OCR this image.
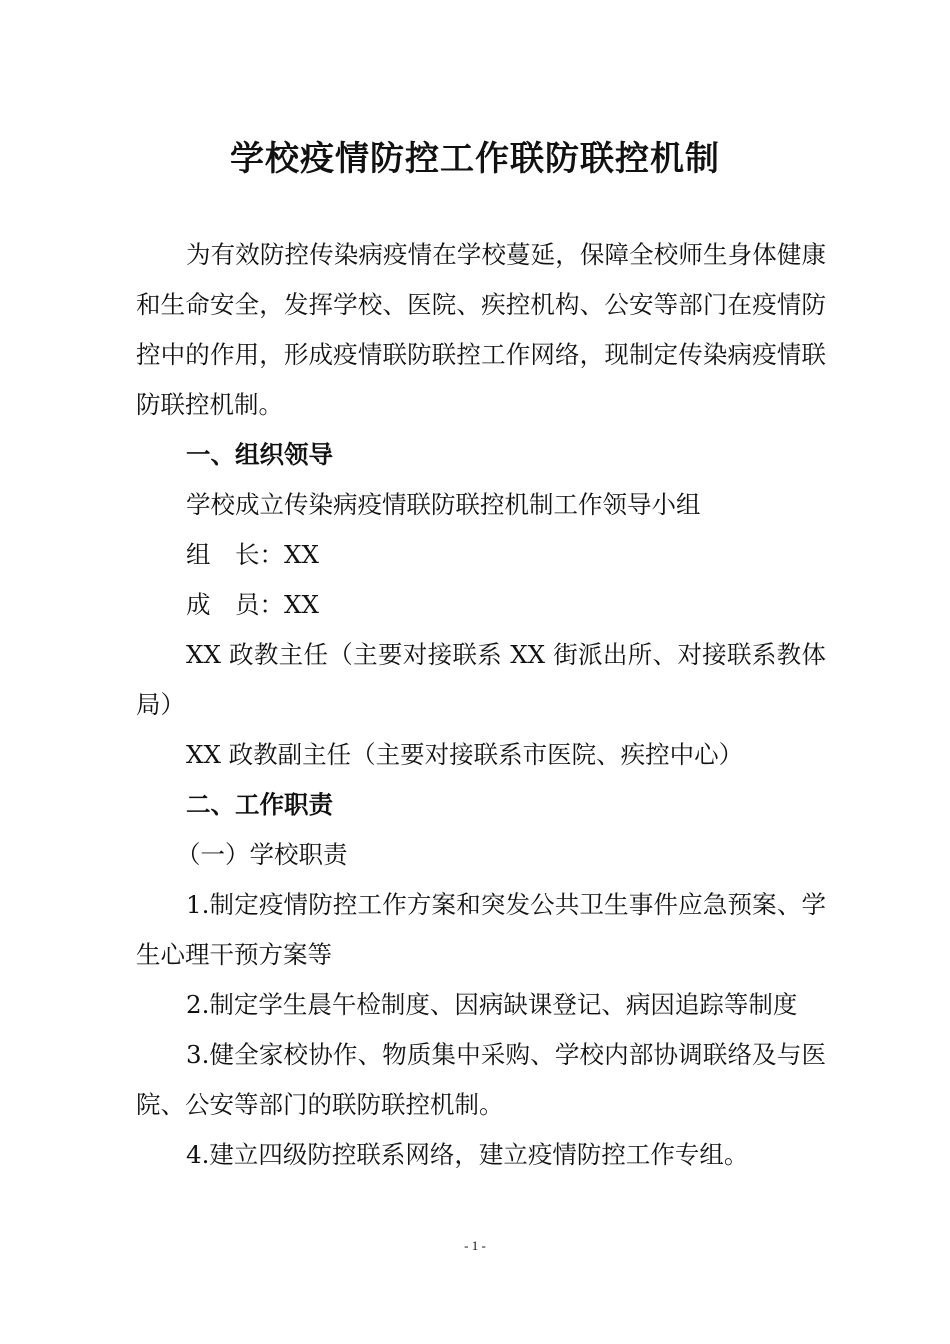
学校疫情防控工作联防联控机制

为有效防控传染病疫情在学校蔓延，保障全校师生身体健康和生命安全，发挥学校、医院、疾控机构、公安等部门在疫情防控中的作用，形成疫情联防联控工作网络，现制定传染病疫情联防联控机制。

一、组织领导

学校成立传染病疫情联防联控机制工作领导小组

组　长：XX

成　员：XX

XX 政教主任（主要对接联系 XX 街派出所、对接联系教体局）

XX 政教副主任（主要对接联系市医院、疾控中心）

二、工作职责

（一）学校职责

1.制定疫情防控工作方案和突发公共卫生事件应急预案、学生心理干预方案等

2.制定学生晨午检制度、因病缺课登记、病因追踪等制度

3.健全家校协作、物质集中采购、学校内部协调联络及与医院、公安等部门的联防联控机制。

4.建立四级防控联系网络，建立疫情防控工作专组。

- 1 -
